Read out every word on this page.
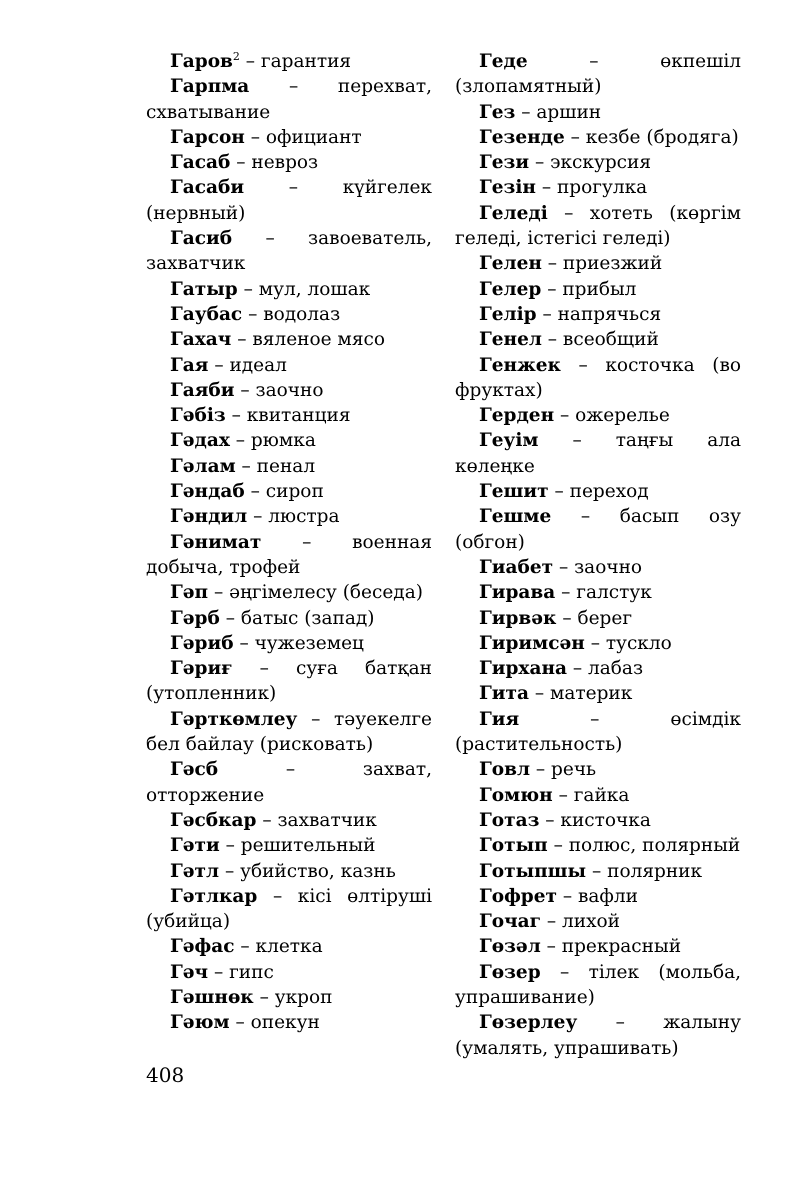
Гаров$^2$ – гарантия

Гарпма – перехват, схватывание

Гарсон – официант

Гасаб – невроз

Гасаби – күйгелек (нервный)

Гасиб – завоеватель, захватчик

Гатыр – мул, лошак

Гаубас – водолаз

Гахач – вяленое мясо

Гая – идеал

Гаяби – заочно

Гәбіз – квитанция

Гәдах – рюмка

Гәлам – пенал

Гәндаб – сироп

Гәндил – люстра

Гәнимат – военная добыча, трофей

Гәп – әңгімелесу (беседа)

Гәрб – батыс (запад)

Гәриб – чужеземец

Гәриғ – суға батқан (утопленник)

Гәрткөмлеу – тәуекелге бел байлау (рисковать)

Гәсб	– захват, отторжение

Гәсбкар – захватчик

Гәти – решительный

Гәтл – убийство, казнь

Гәтлкар – кісі өлтіруші (убийца)

Гәфас – клетка

Гәч – гипс

Гәшнөк – укроп

Гәюм – опекун

Геде	– өкпешіл (злопамятный)

Гез – аршин

Гезенде – кезбе (бродяга)

Гези – экскурсия

Гезін – прогулка

Геледі – хотеть (көргім геледі, істегісі геледі)

Гелен – приезжий

Гелер – прибыл

Гелір – напрячься

Генел – всеобщий

Генжек – косточка (во фруктах)

Герден – ожерелье

Геуім – таңғы ала көлеңке

Гешит – переход

Гешме – басып озу (обгон)

Гиабет – заочно

Гирава – галстук

Гирвәк – берег

Гиримсән – тускло

Гирхана – лабаз

Гита – материк

Гия	– өсімдік (растительность)

Говл – речь

Гомюн – гайка

Готаз – кисточка

Готып – полюс, полярный

Готыпшы – полярник

Гофрет – вафли

Гочаг – лихой

Гөзәл – прекрасный

Гөзер – тілек (мольба, упрашивание)

Гөзерлеу – жалыну (умалять, упрашивать)

408
